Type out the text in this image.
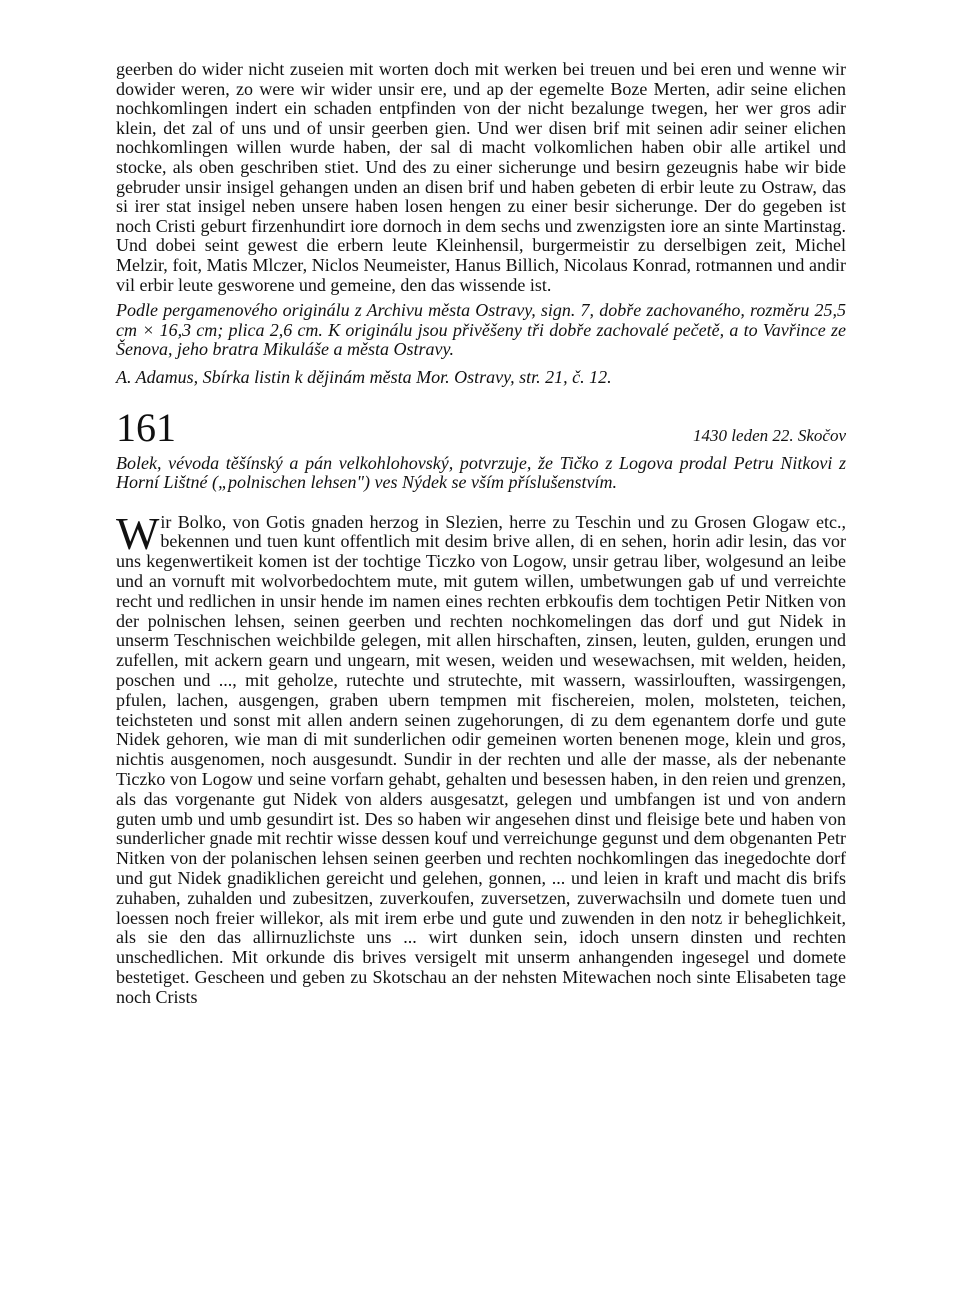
geerben do wider nicht zuseien mit worten doch mit werken bei treuen und bei eren und wenne wir dowider weren, zo were wir wider unsir ere, und ap der egemelte Boze Merten, adir seine elichen nochkomlingen indert ein schaden entpfinden von der nicht bezalunge twegen, her wer gros adir klein, det zal of uns und of unsir geerben gien. Und wer disen brif mit seinen adir seiner elichen nochkomlingen willen wurde haben, der sal di macht volkomlichen haben obir alle artikel und stocke, als oben geschriben stiet. Und des zu einer sicherunge und besirn gezeugnis habe wir bide gebruder unsir insigel gehangen unden an disen brif und haben gebeten di erbir leute zu Ostraw, das si irer stat insigel neben unsere haben losen hengen zu einer besir sicherunge. Der do gegeben ist noch Cristi geburt firzenhundirt iore dornoch in dem sechs und zwenzigsten iore an sinte Martinstag. Und dobei seint gewest die erbern leute Kleinhensil, burgermeistir zu derselbigen zeit, Michel Melzir, foit, Matis Mlczer, Niclos Neumeister, Hanus Billich, Nicolaus Konrad, rotmannen und andir vil erbir leute gesworene und gemeine, den das wissende ist.

Podle pergamenového originálu z Archivu města Ostravy, sign. 7, dobře zachovaného, rozměru 25,5 cm × 16,3 cm; plica 2,6 cm. K originálu jsou přivěšeny tři dobře zachovalé pečetě, a to Vavřince ze Šenova, jeho bratra Mikuláše a města Ostravy.

A. Adamus, Sbírka listin k dějinám města Mor. Ostravy, str. 21, č. 12.

161	1430 leden 22. Skočov

Bolek, vévoda těšínský a pán velkohlohovský, potvrzuje, že Tičko z Logova prodal Petru Nitkovi z Horní Lištné („polnischen lehsen") ves Nýdek se vším příslušenstvím.

Wir Bolko, von Gotis gnaden herzog in Slezien, herre zu Teschin und zu Grosen Glogaw etc., bekennen und tuen kunt offentlich mit desim brive allen, di en sehen, horin adir lesin, das vor uns kegenwertikeit komen ist der tochtige Ticzko von Logow, unsir getrau liber, wolgesund an leibe und an vornuft mit wolvorbedochtem mute, mit gutem willen, umbetwungen gab uf und verreichte recht und redlichen in unsir hende im namen eines rechten erbkoufis dem tochtigen Petir Nitken von der polnischen lehsen, seinen geerben und rechten nochkomelingen das dorf und gut Nidek in unserm Teschnischen weichbilde gelegen, mit allen hirschaften, zinsen, leuten, gulden, erungen und zufellen, mit ackern gearn und ungearn, mit wesen, weiden und wesewachsen, mit welden, heiden, poschen und ..., mit geholze, rutechte und strutechte, mit wassern, wassirlouften, wassirgengen, pfulen, lachen, ausgengen, graben ubern tempmen mit fischereien, molen, molsteten, teichen, teichsteten und sonst mit allen andern seinen zugehorungen, di zu dem egenantem dorfe und gute Nidek gehoren, wie man di mit sunderlichen odir gemeinen worten benenen moge, klein und gros, nichtis ausgenomen, noch ausgesundt. Sundir in der rechten und alle der masse, als der nebenante Ticzko von Logow und seine vorfarn gehabt, gehalten und besessen haben, in den reien und grenzen, als das vorgenante gut Nidek von alders ausgesatzt, gelegen und umbfangen ist und von andern guten umb und umb gesundirt ist. Des so haben wir angesehen dinst und fleisige bete und haben von sunderlicher gnade mit rechtir wisse dessen kouf und verreichunge gegunst und dem obgenanten Petr Nitken von der polanischen lehsen seinen geerben und rechten nochkomlingen das inegedochte dorf und gut Nidek gnadiklichen gereicht und gelehen, gonnen, ... und leien in kraft und macht dis brifs zuhaben, zuhalden und zubesitzen, zuverkoufen, zuversetzen, zuverwachsiln und domete tuen und loessen noch freier willekor, als mit irem erbe und gute und zuwenden in den notz ir beheglichkeit, als sie den das allirnuzlichste uns ... wirt dunken sein, idoch unsern dinsten und rechten unschedlichen. Mit orkunde dis brives versigelt mit unserm anhangenden ingesegel und domete bestetiget. Gescheen und geben zu Skotschau an der nehsten Mitewachen noch sinte Elisabeten tage noch Crists
